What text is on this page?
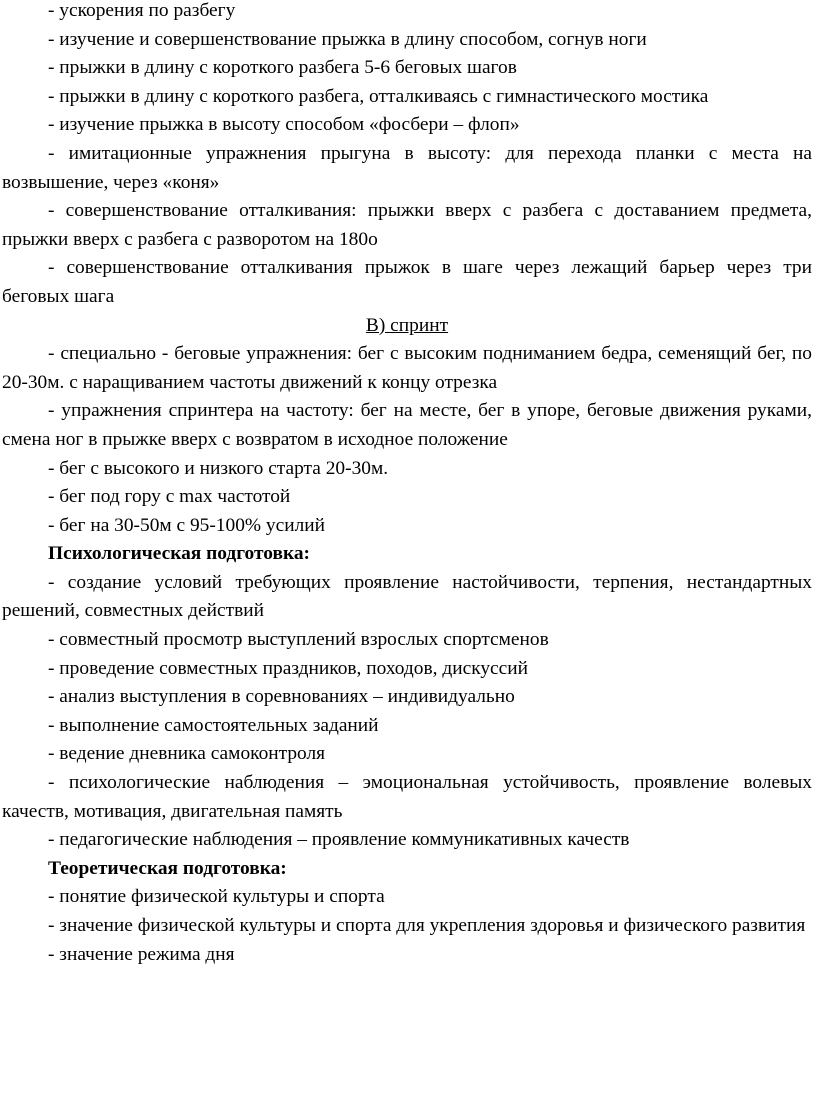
- ускорения по разбегу

- изучение и совершенствование прыжка в длину способом, согнув ноги

- прыжки в длину с короткого разбега 5-6 беговых шагов

- прыжки в длину с короткого разбега, отталкиваясь с гимнастического мостика

- изучение прыжка в высоту способом «фосбери – флоп»

- имитационные упражнения прыгуна в высоту: для перехода планки с места на возвышение, через «коня»

- совершенствование отталкивания: прыжки вверх с разбега с доставанием предмета, прыжки вверх с разбега с разворотом на 180о

- совершенствование отталкивания прыжок в шаге через лежащий барьер через три беговых шага

В) спринт

- специально - беговые упражнения: бег с высоким подниманием бедра, семенящий бег, по 20-30м. с наращиванием частоты движений к концу отрезка

- упражнения спринтера на частоту: бег на месте, бег в упоре, беговые движения руками, смена ног в прыжке вверх с возвратом в исходное положение

- бег с высокого и низкого старта 20-30м.

- бег под гору с max частотой

- бег на 30-50м с 95-100% усилий

Психологическая подготовка:

- создание условий требующих проявление настойчивости, терпения, нестандартных решений, совместных действий

- совместный просмотр выступлений взрослых спортсменов

- проведение совместных праздников, походов, дискуссий

- анализ выступления в соревнованиях – индивидуально

- выполнение самостоятельных заданий

- ведение дневника самоконтроля

- психологические наблюдения – эмоциональная устойчивость, проявление волевых качеств, мотивация, двигательная память

- педагогические наблюдения – проявление коммуникативных качеств

Теоретическая подготовка:

- понятие физической культуры и спорта

- значение физической культуры и спорта для укрепления здоровья и физического развития

- значение режима дня
